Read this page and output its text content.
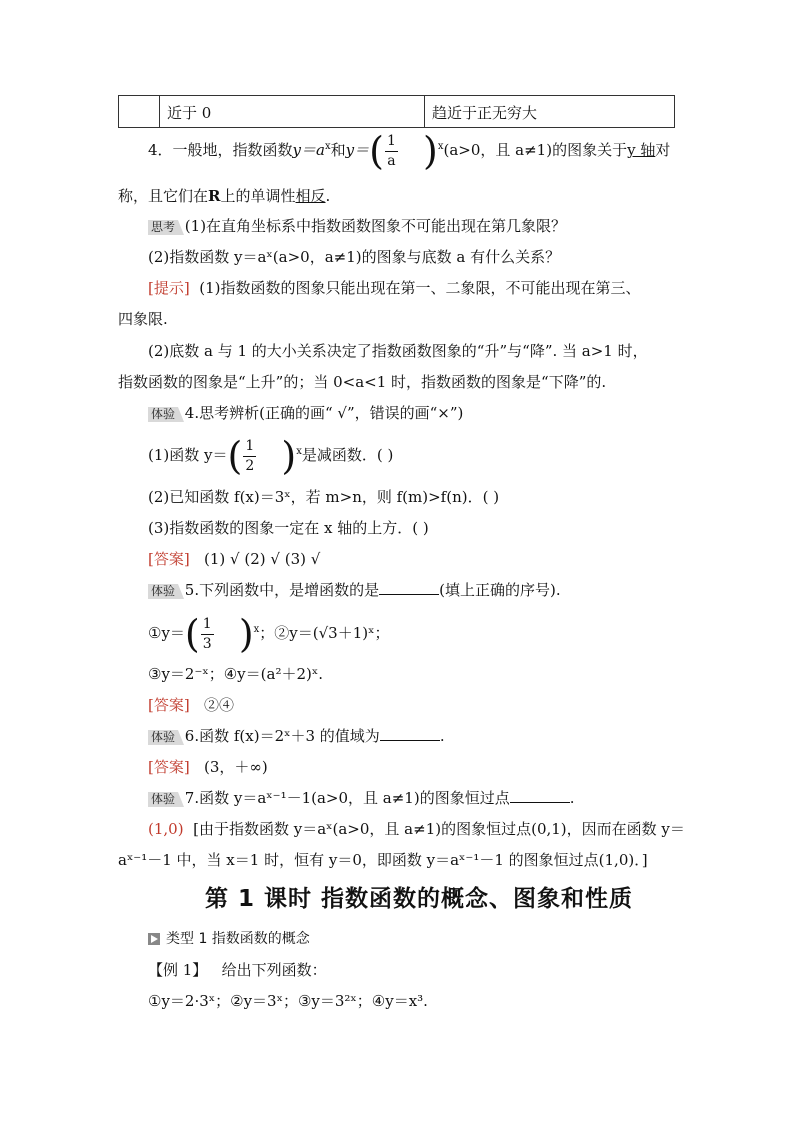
近于 0	趋近于正无穷大
4．一般地，指数函数$y=a^x$和$y=( \frac{1}{a} )^x(a>0$，且 a≠1)的图象关于y 轴对
称，且它们在R上的单调性相反.
思考 (1)在直角坐标系中指数函数图象不可能出现在第几象限？
(2)指数函数 y＝aˣ(a>0，a≠1)的图象与底数 a 有什么关系？
[提示] (1)指数函数的图象只能出现在第一、二象限，不可能出现在第三、
四象限.
(2)底数 a 与 1 的大小关系决定了指数函数图象的“升”与“降”. 当 a>1 时，
指数函数的图象是“上升”的；当 0<a<1 时，指数函数的图象是“下降”的.
体验 4.思考辨析(正确的画“ √”，错误的画“×”)
(1)函数 $y=( \frac{1}{2} )^x$是减函数．( )
(2)已知函数 f(x)＝3ˣ，若 m>n，则 f(m)>f(n)．( )
(3)指数函数的图象一定在 x 轴的上方．( )
[答案] (1) √ (2) √ (3) √
体验 5.下列函数中，是增函数的是	(填上正确的序号).
①y＝( $\frac{1}{3} )^x$；②y＝(√3＋1)ˣ；
③y＝2⁻ˣ；④y＝(a²＋2)ˣ.
[答案] ②④
体验 6.函数 f(x)＝2ˣ＋3 的值域为	.
[答案] (3，＋∞)
体验 7.函数 y＝aˣ⁻¹－1(a>0，且 a≠1)的图象恒过点	.
(1,0) [由于指数函数 y＝aˣ(a>0，且 a≠1)的图象恒过点(0,1)，因而在函数 y＝
aˣ⁻¹－1 中，当 x＝1 时，恒有 y＝0，即函数 y＝aˣ⁻¹－1 的图象恒过点(1,0)．]
第 1 课时 指数函数的概念、图象和性质
类型 1 指数函数的概念
【例 1】 给出下列函数：
①y＝2·3ˣ；②y＝3ˣ；③y＝3²ˣ；④y＝x³.
